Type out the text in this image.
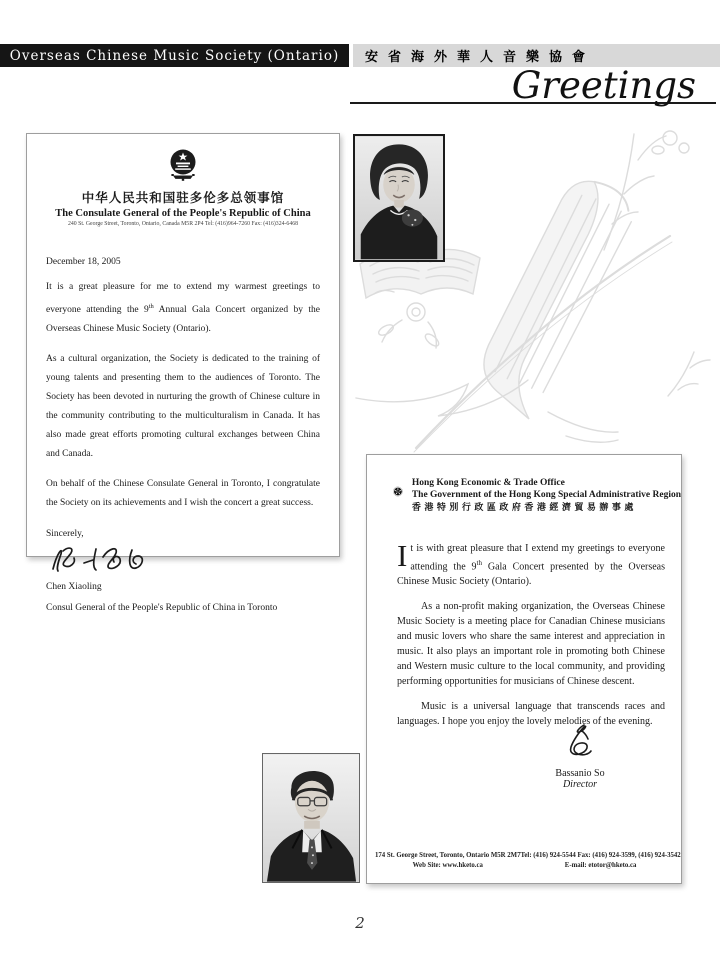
Overseas Chinese Music Society (Ontario) 安省海外華人音樂協會
Greetings
中华人民共和国驻多伦多总领事馆
The Consulate General of the People's Republic of China
240 St. George Street, Toronto, Ontario, Canada M5R 2P4 Tel: (416)964-7260 Fax: (416)324-6468
December 18, 2005
It is a great pleasure for me to extend my warmest greetings to everyone attending the 9th Annual Gala Concert organized by the Overseas Chinese Music Society (Ontario).
As a cultural organization, the Society is dedicated to the training of young talents and presenting them to the audiences of Toronto. The Society has been devoted in nurturing the growth of Chinese culture in the community contributing to the multiculturalism in Canada. It has also made great efforts promoting cultural exchanges between China and Canada.
On behalf of the Chinese Consulate General in Toronto, I congratulate the Society on its achievements and I wish the concert a great success.
Sincerely,
Chen Xiaoling
Consul General of the People's Republic of China in Toronto
Hong Kong Economic & Trade Office
The Government of the Hong Kong Special Administrative Region
香港特別行政區政府香港經濟貿易辦事處
It is with great pleasure that I extend my greetings to everyone attending the 9th Gala Concert presented by the Overseas Chinese Music Society (Ontario).
As a non-profit making organization, the Overseas Chinese Music Society is a meeting place for Canadian Chinese musicians and music lovers who share the same interest and appreciation in music. It also plays an important role in promoting both Chinese and Western music culture to the local community, and providing performing opportunities for musicians of Chinese descent.
Music is a universal language that transcends races and languages. I hope you enjoy the lovely melodies of the evening.
Bassanio So
Director
174 St. George Street, Toronto, Ontario M5R 2M7
Web Site: www.hketo.ca
Tel: (416) 924-5544 Fax: (416) 924-3599, (416) 924-3542
E-mail: etotor@hketo.ca
2
